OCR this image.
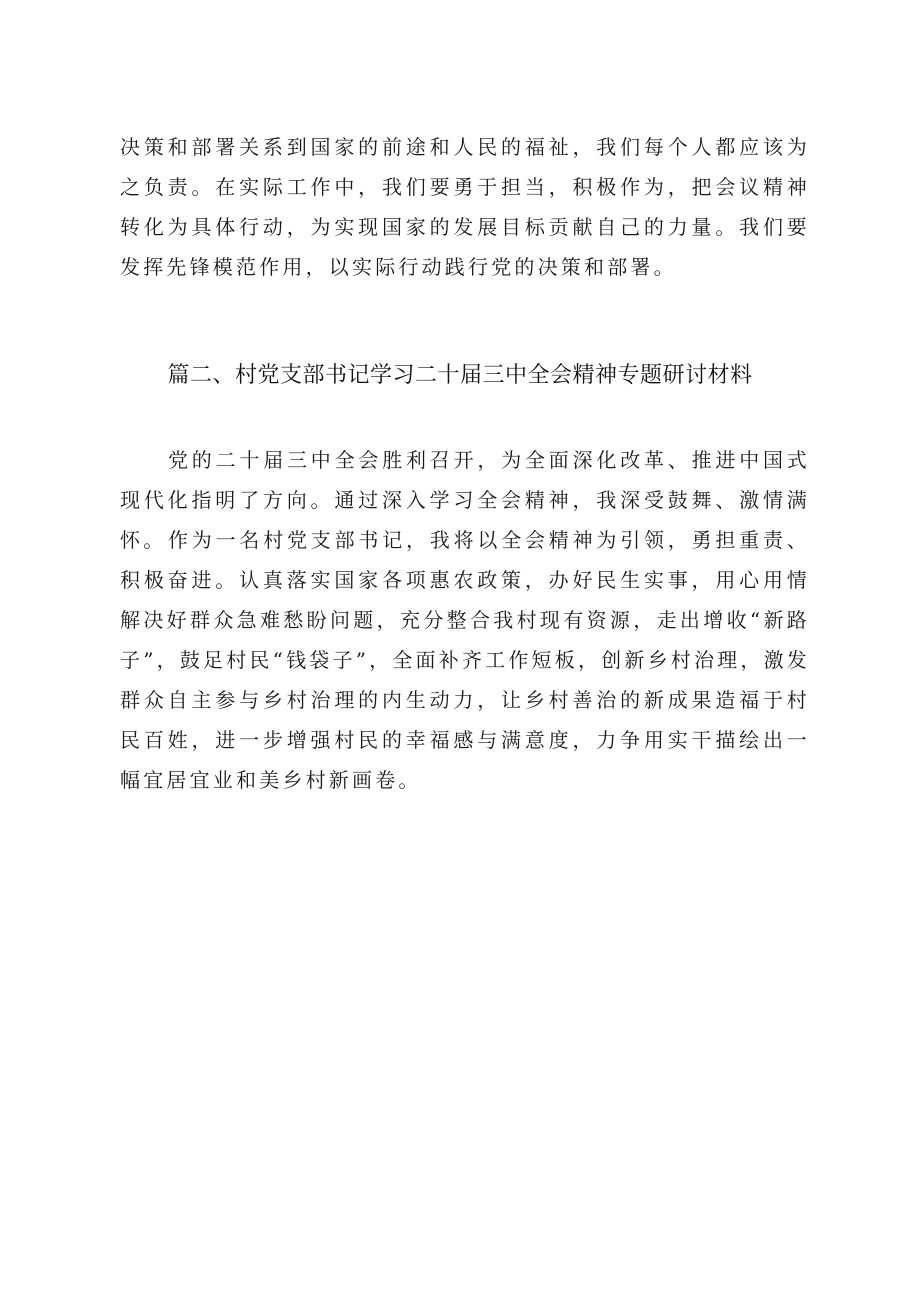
决策和部署关系到国家的前途和人民的福祉，我们每个人都应该为之负责。在实际工作中，我们要勇于担当，积极作为，把会议精神转化为具体行动，为实现国家的发展目标贡献自己的力量。我们要发挥先锋模范作用，以实际行动践行党的决策和部署。

篇二、村党支部书记学习二十届三中全会精神专题研讨材料

党的二十届三中全会胜利召开，为全面深化改革、推进中国式现代化指明了方向。通过深入学习全会精神，我深受鼓舞、激情满怀。 作为一名村党支部书记，我将以全会精神为引领，勇担重责、积极奋进。认真落实国家各项惠农政策，办好民生实事，用心用情解决好群众急难愁盼问题，充分整合我村现有资源，走出增收“新路子”，鼓足村民“钱袋子”，全面补齐工作短板，创新乡村治理，激发群众自主参与乡村治理的内生动力，让乡村善治的新成果造福于村民百姓，进一步增强村民的幸福感与满意度，力争用实干描绘出一幅宜居宜业和美乡村新画卷。
